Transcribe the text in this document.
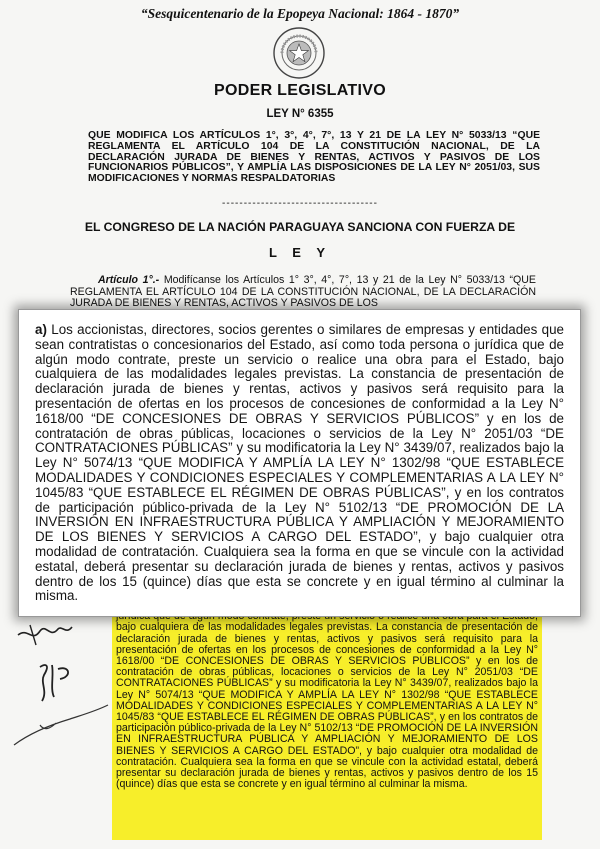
“Sesquicentenario de la Epopeya Nacional: 1864 - 1870”
PODER LEGISLATIVO
LEY N° 6355
QUE MODIFICA LOS ARTÍCULOS 1°, 3°, 4°, 7°, 13 Y 21 DE LA LEY N° 5033/13 “QUE REGLAMENTA EL ARTÍCULO 104 DE LA CONSTITUCIÓN NACIONAL, DE LA DECLARACIÓN JURADA DE BIENES Y RENTAS, ACTIVOS Y PASIVOS DE LOS FUNCIONARIOS PÚBLICOS”, Y AMPLÍA LAS DISPOSICIONES DE LA LEY N° 2051/03, SUS MODIFICACIONES Y NORMAS RESPALDATORIAS
------------------------------------
EL CONGRESO DE LA NACIÓN PARAGUAYA SANCIONA CON FUERZA DE
L E Y
Artículo 1°.- Modifícanse los Artículos 1° 3°, 4°, 7°, 13 y 21 de la Ley N° 5033/13 “QUE REGLAMENTA EL ARTÍCULO 104 DE LA CONSTITUCIÓN NACIONAL, DE LA DECLARACIÓN JURADA DE BIENES Y RENTAS, ACTIVOS Y PASIVOS DE LOS
bajo cualquiera de las modalidades legales previstas. La constancia de presentación de declaración jurada de bienes y rentas, activos y pasivos será requisito para la presentación de ofertas en los procesos de concesiones de conformidad a la Ley N° 1618/00 “DE CONCESIONES DE OBRAS Y SERVICIOS PÚBLICOS” y en los de contratación de obras públicas, locaciones o servicios de la Ley N° 2051/03 “DE CONTRATACIONES PÚBLICAS” y su modificatoria la Ley N° 3439/07, realizados bajo la Ley N° 5074/13 “QUE MODIFICA Y AMPLÍA LA LEY N° 1302/98 “QUE ESTABLECE MODALIDADES Y CONDICIONES ESPECIALES Y COMPLEMENTARIAS A LA LEY N° 1045/83 “QUE ESTABLECE EL RÉGIMEN DE OBRAS PÚBLICAS”, y en los contratos de participación público-privada de la Ley N° 5102/13 “DE PROMOCIÓN DE LA INVERSIÓN EN INFRAESTRUCTURA PÚBLICA Y AMPLIACIÓN Y MEJORAMIENTO DE LOS BIENES Y SERVICIOS A CARGO DEL ESTADO”, y bajo cualquier otra modalidad de contratación. Cualquiera sea la forma en que se vincule con la actividad estatal, deberá presentar su declaración jurada de bienes y rentas, activos y pasivos dentro de los 15 (quince) días que esta se concrete y en igual término al culminar la misma.
a) Los accionistas, directores, socios gerentes o similares de empresas y entidades que sean contratistas o concesionarios del Estado, así como toda persona o jurídica que de algún modo contrate, preste un servicio o realice una obra para el Estado, bajo cualquiera de las modalidades legales previstas. La constancia de presentación de declaración jurada de bienes y rentas, activos y pasivos será requisito para la presentación de ofertas en los procesos de concesiones de conformidad a la Ley N° 1618/00 “DE CONCESIONES DE OBRAS Y SERVICIOS PÚBLICOS” y en los de contratación de obras públicas, locaciones o servicios de la Ley N° 2051/03 “DE CONTRATACIONES PÚBLICAS” y su modificatoria la Ley N° 3439/07, realizados bajo la Ley N° 5074/13 “QUE MODIFICA Y AMPLÍA LA LEY N° 1302/98 “QUE ESTABLECE MODALIDADES Y CONDICIONES ESPECIALES Y COMPLEMENTARIAS A LA LEY N° 1045/83 “QUE ESTABLECE EL RÉGIMEN DE OBRAS PÚBLICAS”, y en los contratos de participación público-privada de la Ley N° 5102/13 “DE PROMOCIÓN DE LA INVERSIÓN EN INFRAESTRUCTURA PÚBLICA Y AMPLIACIÓN Y MEJORAMIENTO DE LOS BIENES Y SERVICIOS A CARGO DEL ESTADO”, y bajo cualquier otra modalidad de contratación. Cualquiera sea la forma en que se vincule con la actividad estatal, deberá presentar su declaración jurada de bienes y rentas, activos y pasivos dentro de los 15 (quince) días que esta se concrete y en igual término al culminar la misma.
